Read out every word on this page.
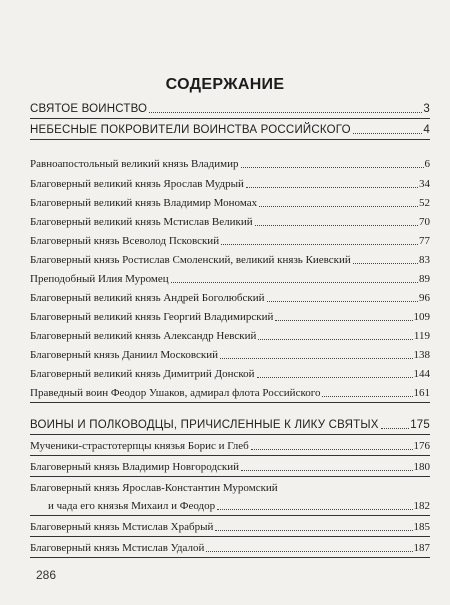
СОДЕРЖАНИЕ
СВЯТОЕ ВОИНСТВО	3
НЕБЕСНЫЕ ПОКРОВИТЕЛИ ВОИНСТВА РОССИЙСКОГО	4
Равноапостольный великий князь Владимир	6
Благоверный великий князь Ярослав Мудрый	34
Благоверный великий князь Владимир Мономах	52
Благоверный великий князь Мстислав Великий	70
Благоверный князь Всеволод Псковский	77
Благоверный князь Ростислав Смоленский, великий князь Киевский	83
Преподобный Илия Муромец	89
Благоверный великий князь Андрей Боголюбский	96
Благоверный великий князь Георгий Владимирский	109
Благоверный великий князь Александр Невский	119
Благоверный князь Даниил Московский	138
Благоверный великий князь Димитрий Донской	144
Праведный воин Феодор Ушаков, адмирал флота Российского	161
ВОИНЫ И ПОЛКОВОДЦЫ, ПРИЧИСЛЕННЫЕ К ЛИКУ СВЯТЫХ	175
Мученики-страстотерпцы князья Борис и Глеб	176
Благоверный князь Владимир Новгородский	180
Благоверный князь Ярослав-Константин Муромский
и чада его князья Михаил и Феодор	182
Благоверный князь Мстислав Храбрый	185
Благоверный князь Мстислав Удалой	187
286
